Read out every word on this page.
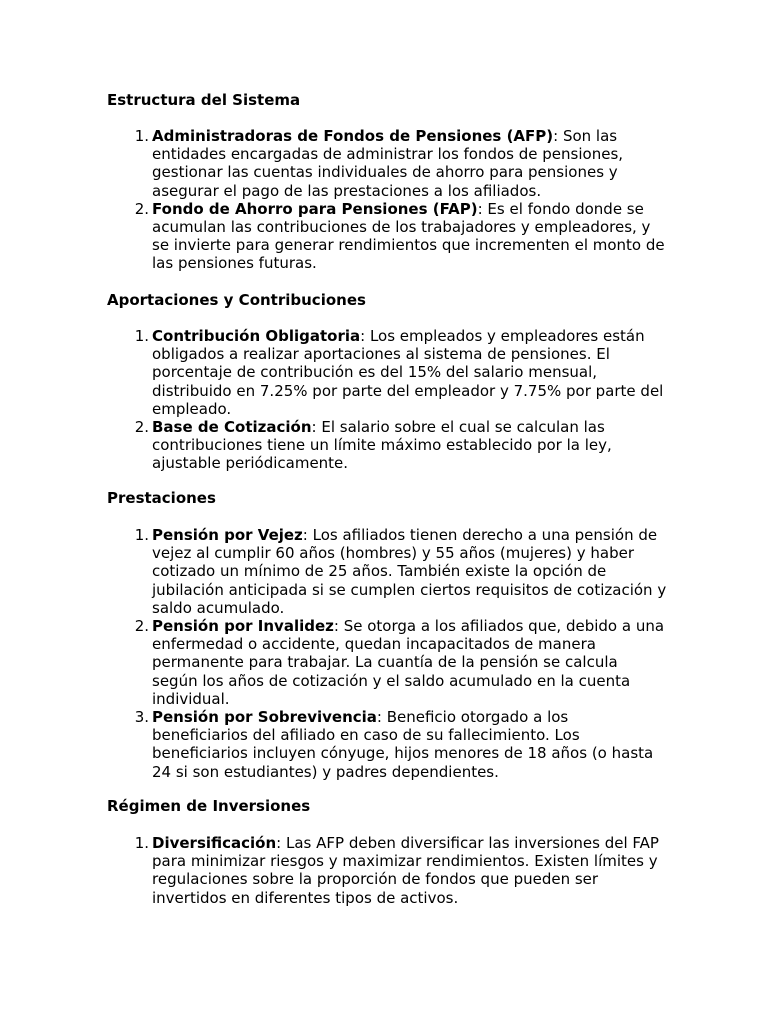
Estructura del Sistema
1. Administradoras de Fondos de Pensiones (AFP): Son las entidades encargadas de administrar los fondos de pensiones, gestionar las cuentas individuales de ahorro para pensiones y asegurar el pago de las prestaciones a los afiliados.
2. Fondo de Ahorro para Pensiones (FAP): Es el fondo donde se acumulan las contribuciones de los trabajadores y empleadores, y se invierte para generar rendimientos que incrementen el monto de las pensiones futuras.
Aportaciones y Contribuciones
1. Contribución Obligatoria: Los empleados y empleadores están obligados a realizar aportaciones al sistema de pensiones. El porcentaje de contribución es del 15% del salario mensual, distribuido en 7.25% por parte del empleador y 7.75% por parte del empleado.
2. Base de Cotización: El salario sobre el cual se calculan las contribuciones tiene un límite máximo establecido por la ley, ajustable periódicamente.
Prestaciones
1. Pensión por Vejez: Los afiliados tienen derecho a una pensión de vejez al cumplir 60 años (hombres) y 55 años (mujeres) y haber cotizado un mínimo de 25 años. También existe la opción de jubilación anticipada si se cumplen ciertos requisitos de cotización y saldo acumulado.
2. Pensión por Invalidez: Se otorga a los afiliados que, debido a una enfermedad o accidente, quedan incapacitados de manera permanente para trabajar. La cuantía de la pensión se calcula según los años de cotización y el saldo acumulado en la cuenta individual.
3. Pensión por Sobrevivencia: Beneficio otorgado a los beneficiarios del afiliado en caso de su fallecimiento. Los beneficiarios incluyen cónyuge, hijos menores de 18 años (o hasta 24 si son estudiantes) y padres dependientes.
Régimen de Inversiones
1. Diversificación: Las AFP deben diversificar las inversiones del FAP para minimizar riesgos y maximizar rendimientos. Existen límites y regulaciones sobre la proporción de fondos que pueden ser invertidos en diferentes tipos de activos.
